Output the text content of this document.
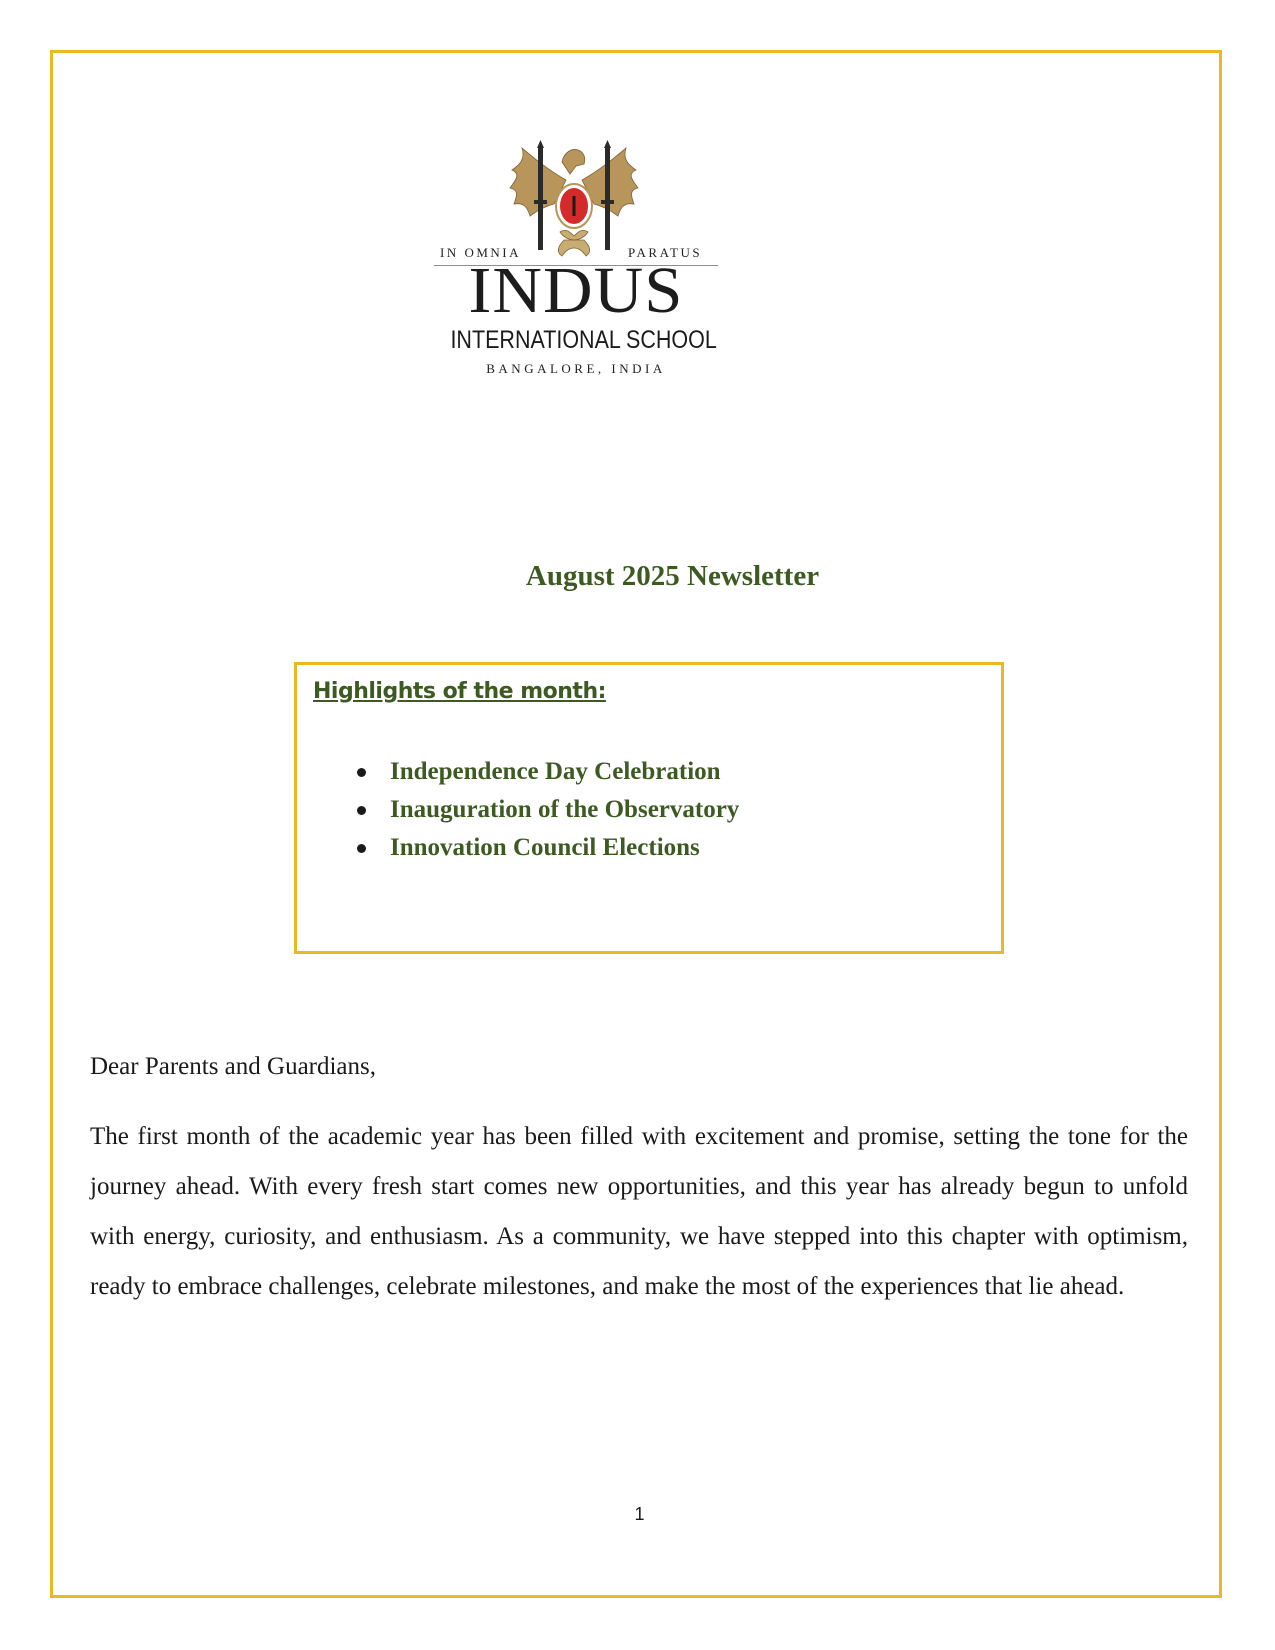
IN OMNIA	PARATUS
INDUS
INTERNATIONAL SCHOOL
BANGALORE, INDIA
August 2025 Newsletter
Highlights of the month:
Independence Day Celebration
Inauguration of the Observatory
Innovation Council Elections
Dear Parents and Guardians,

The first month of the academic year has been filled with excitement and promise, setting the tone for the journey ahead. With every fresh start comes new opportunities, and this year has already begun to unfold with energy, curiosity, and enthusiasm. As a community, we have stepped into this chapter with optimism, ready to embrace challenges, celebrate milestones, and make the most of the experiences that lie ahead.

1
